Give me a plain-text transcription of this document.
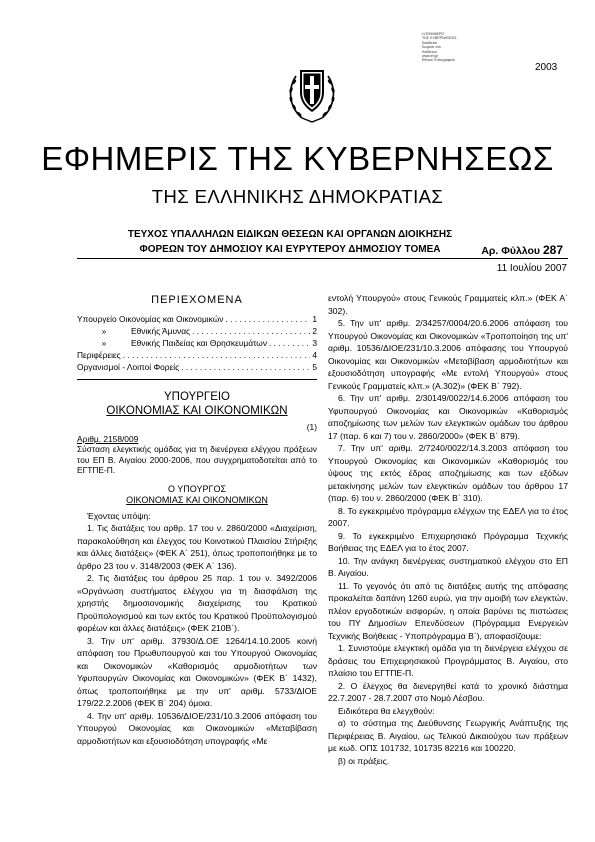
Η ΕΦΗΜΕΡΙΣ
ΤΗΣ ΚΥΒΕΡΝΗΣΕΩΣ
διατίθεται
δωρεάν στο
διαδίκτυο
www.et.gr
Εθνικό Τυπογραφείο
2003
ΕΦΗΜΕΡΙΣ ΤΗΣ ΚΥΒΕΡΝΗΣΕΩΣ
ΤΗΣ ΕΛΛΗΝΙΚΗΣ ΔΗΜΟΚΡΑΤΙΑΣ
ΤΕΥΧΟΣ ΥΠΑΛΛΗΛΩΝ ΕΙΔΙΚΩΝ ΘΕΣΕΩΝ ΚΑΙ ΟΡΓΑΝΩΝ ΔΙΟΙΚΗΣΗΣ
ΦΟΡΕΩΝ ΤΟΥ ΔΗΜΟΣΙΟΥ ΚΑΙ ΕΥΡΥΤΕΡΟΥ ΔΗΜΟΣΙΟΥ ΤΟΜΕΑ	Αρ. Φύλλου 287
11 Ιουλίου 2007
ΠΕΡΙΕΧΟΜΕΝΑ
Υπουργείο Οικονομίας και Οικονομικών . . .	1
»	Εθνικής Άμυνας . . .	2
»	Εθνικής Παιδείας και Θρησκευμάτων . . .	3
Περιφέρειες . . .	4
Οργανισμοί - Λοιποί Φορείς . . .	5
ΥΠΟΥΡΓΕΙΟ
ΟΙΚΟΝΟΜΙΑΣ ΚΑΙ ΟΙΚΟΝΟΜΙΚΩΝ
(1)
Αριθμ. 2158/009
Σύσταση ελεγκτικής ομάδας για τη διενέργεια ελέγχου πράξεων του ΕΠ Β. Αιγαίου 2000-2006, που συγχρηματοδοτείται από το ΕΓΤΠΕ-Π.
Ο ΥΠΟΥΡΓΟΣ
ΟΙΚΟΝΟΜΙΑΣ ΚΑΙ ΟΙΚΟΝΟΜΙΚΩΝ

Έχοντας υπόψη:

1. Τις διατάξεις του αρθρ. 17 του ν. 2860/2000 «Διαχείριση, παρακολούθηση και έλεγχος του Κοινοτικού Πλαισίου Στήριξης και άλλες διατάξεις» (ΦΕΚ Α΄ 251), όπως τροποποιήθηκε με το άρθρο 23 του ν. 3148/2003 (ΦΕΚ Α΄ 136).

2. Τις διατάξεις του άρθρου 25 παρ. 1 του ν. 3492/2006 «Οργάνωση συστήματος ελέγχου για τη διασφάλιση της χρηστής δημοσιονομικής διαχείρισης του Κρατικού Προϋπολογισμού και των εκτός του Κρατικού Προϋπολογισμού φορέων και άλλες διατάξεις» (ΦΕΚ 210Β΄).

3. Την υπ' αριθμ. 37930/Δ.ΟΕ 1264/14.10.2005 κοινή απόφαση του Πρωθυπουργού και του Υπουργού Οικονομίας και Οικονομικών «Καθορισμός αρμοδιοτήτων των Υφυπουργών Οικονομίας και Οικονομικών» (ΦΕΚ Β΄ 1432), όπως τροποποιήθηκε με την υπ' αριθμ. 5733/ΔΙΟΕ 179/22.2.2006 (ΦΕΚ Β΄ 204) όμοια.

4. Την υπ' αριθμ. 10536/ΔΙΟΕ/231/10.3.2006 απόφαση του Υπουργού Οικονομίας και Οικονομικών «Μεταβίβαση αρμοδιοτήτων και εξουσιοδότηση υπογραφής «Με

εντολή Υπουργού» στους Γενικούς Γραμματείς κλπ.» (ΦΕΚ Α΄ 302).

5. Την υπ' αριθμ. 2/34257/0004/20.6.2006 απόφαση του Υπουργού Οικονομίας και Οικονομικών «Τροποποίηση της υπ' αριθμ. 10536/ΔΙΟΕ/231/10.3.2006 απόφασης του Υπουργού Οικονομίας και Οικονομικών «Μεταβίβαση αρμοδιοτήτων και εξουσιοδότηση υπογραφής «Με εντολή Υπουργού» στους Γενικούς Γραμματείς κλπ.» (Α.302)» (ΦΕΚ Β΄ 792).

6. Την υπ' αριθμ. 2/30149/0022/14.6.2006 απόφαση του Υφυπουργού Οικονομίας και Οικονομικών «Καθορισμός αποζημίωσης των μελών των ελεγκτικών ομάδων του άρθρου 17 (παρ. 6 και 7) του ν. 2860/2000» (ΦΕΚ Β΄ 879).

7. Την υπ' αριθμ. 2/7240/0022/14.3.2003 απόφαση του Υπουργού Οικονομίας και Οικονομικών «Καθορισμός του ύψους της εκτός έδρας αποζημίωσης και των εξόδων μετακίνησης μελών των ελεγκτικών ομάδων του άρθρου 17 (παρ. 6) του ν. 2860/2000 (ΦΕΚ Β΄ 310).

8. Το εγκεκριμένο πρόγραμμα ελέγχων της ΕΔΕΛ για το έτος 2007.

9. Το εγκεκριμένο Επιχειρησιακό Πρόγραμμα Τεχνικής Βοήθειας της ΕΔΕΛ για το έτος 2007.

10. Την ανάγκη διενέργειας συστηματικού ελέγχου στο ΕΠ Β. Αιγαίου.

11. Το γεγονός ότι από τις διατάξεις αυτής της απόφασης προκαλείται δαπάνη 1260 ευρώ, για την αμοιβή των ελεγκτών, πλέον εργοδοτικών εισφορών, η οποία βαρύνει τις πιστώσεις του ΠΥ Δημοσίων Επενδύσεων (Πρόγραμμα Ενεργειών Τεχνικής Βοήθειας - Υποπρόγραμμα Β΄), αποφασίζουμε:

1. Συνιστούμε ελεγκτική ομάδα για τη διενέργεια ελέγχου σε δράσεις του Επιχειρησιακού Προγράμματος Β. Αιγαίου, στο πλαίσιο του ΕΓΤΠΕ-Π.

2. Ο έλεγχος θα διενεργηθεί κατά το χρονικό διάστημα 22.7.2007 - 28.7.2007 στο Νομό Λέσβου.

Ειδικότερα θα ελεγχθούν:

α) το σύστημα της Διεύθυνσης Γεωργικής Ανάπτυξης της Περιφέρειας Β. Αιγαίου, ως Τελικού Δικαιούχου των πράξεων με κωδ. ΟΠΣ 101732, 101735 82216 και 100220.

β) οι πράξεις.
